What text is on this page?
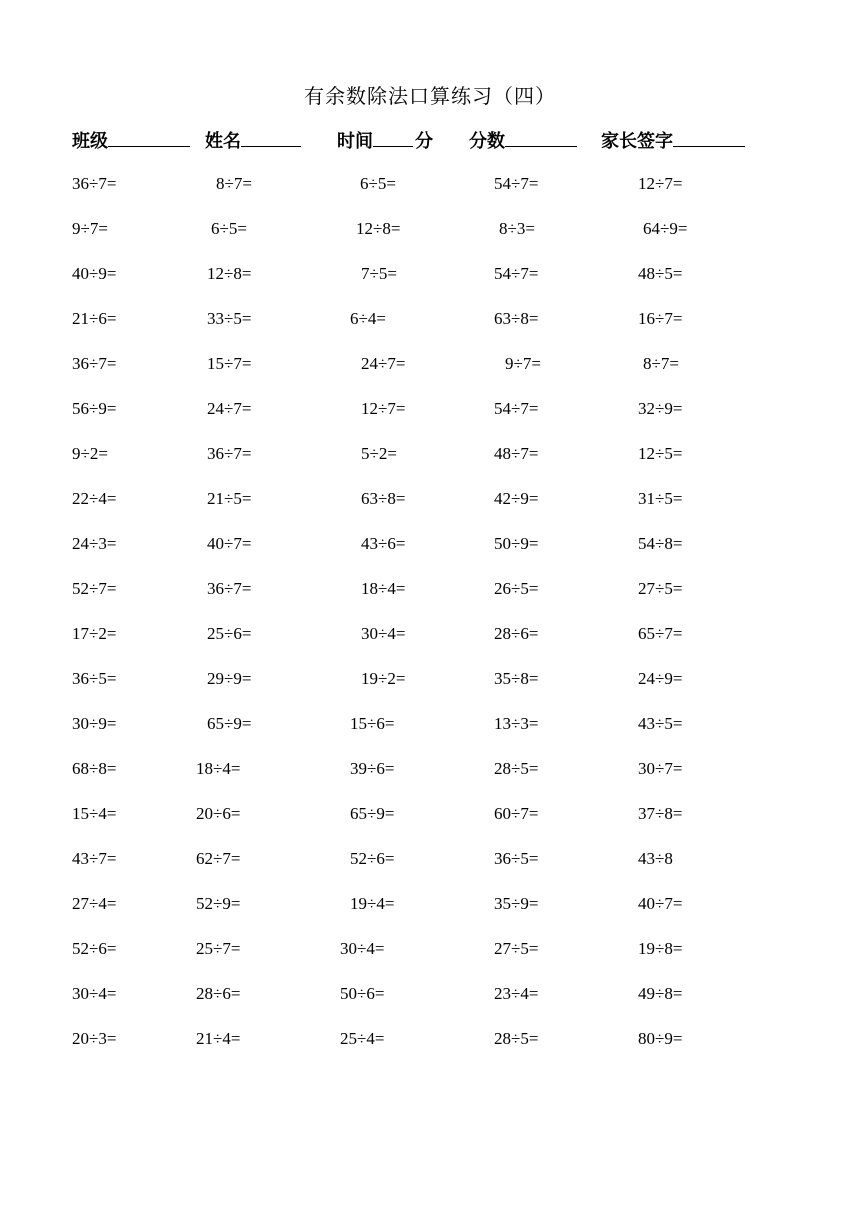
有余数除法口算练习（四）
班级	姓名	时间 分 分数	家长签字
36÷7=	8÷7=	6÷5=	54÷7=	12÷7=
9÷7=	6÷5=	12÷8=	8÷3=	64÷9=
40÷9=	12÷8=	7÷5=	54÷7=	48÷5=
21÷6=	33÷5=	6÷4=	63÷8=	16÷7=
36÷7=	15÷7=	24÷7=	9÷7=	8÷7=
56÷9=	24÷7=	12÷7=	54÷7=	32÷9=
9÷2=	36÷7=	5÷2=	48÷7=	12÷5=
22÷4=	21÷5=	63÷8=	42÷9=	31÷5=
24÷3=	40÷7=	43÷6=	50÷9=	54÷8=
52÷7=	36÷7=	18÷4=	26÷5=	27÷5=
17÷2=	25÷6=	30÷4=	28÷6=	65÷7=
36÷5=	29÷9=	19÷2=	35÷8=	24÷9=
30÷9=	65÷9=	15÷6=	13÷3=	43÷5=
68÷8=	18÷4=	39÷6=	28÷5=	30÷7=
15÷4=	20÷6=	65÷9=	60÷7=	37÷8=
43÷7=	62÷7=	52÷6=	36÷5=	43÷8
27÷4=	52÷9=	19÷4=	35÷9=	40÷7=
52÷6=	25÷7=	30÷4=	27÷5=	19÷8=
30÷4=	28÷6=	50÷6=	23÷4=	49÷8=
20÷3=	21÷4=	25÷4=	28÷5=	80÷9=
